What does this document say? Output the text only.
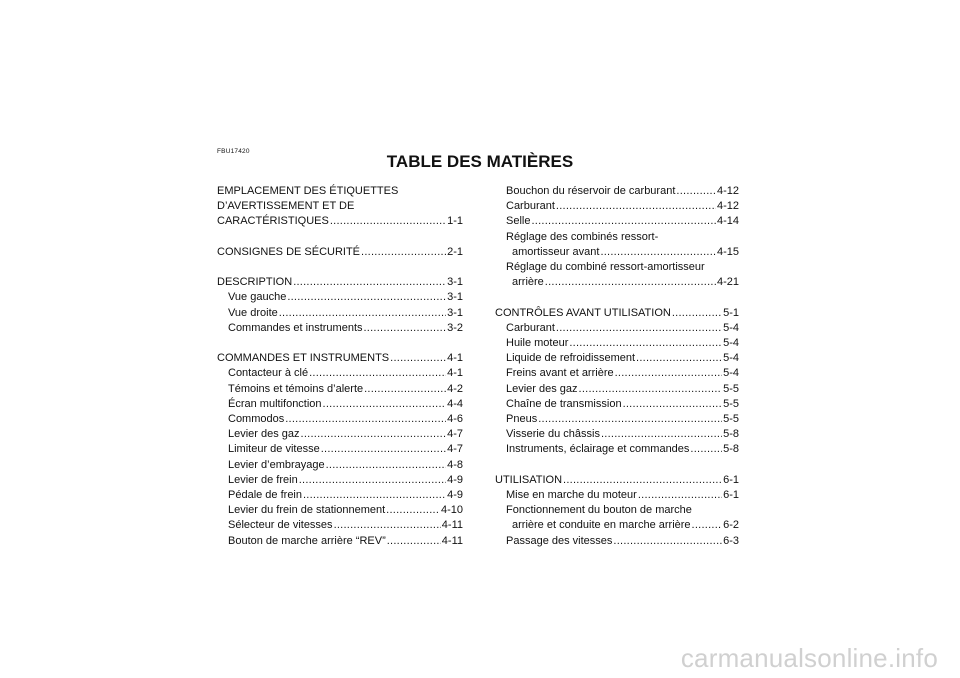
FBU17420
TABLE DES MATIÈRES
EMPLACEMENT DES ÉTIQUETTES
D’AVERTISSEMENT ET DE
CARACTÉRISTIQUES . . .	1-1
CONSIGNES DE SÉCURITÉ . . .	2-1
DESCRIPTION . . .	3-1
Vue gauche . . .	3-1
Vue droite . . .	3-1
Commandes et instruments . . .	3-2
COMMANDES ET INSTRUMENTS . . .	4-1
Contacteur à clé . . .	4-1
Témoins et témoins d’alerte . . .	4-2
Écran multifonction . . .	4-4
Commodos . . .	4-6
Levier des gaz . . .	4-7
Limiteur de vitesse . . .	4-7
Levier d’embrayage . . .	4-8
Levier de frein . . .	4-9
Pédale de frein . . .	4-9
Levier du frein de stationnement . . .	4-10
Sélecteur de vitesses . . .	4-11
Bouton de marche arrière “REV” . . .	4-11
Bouchon du réservoir de carburant . . .	4-12
Carburant . . .	4-12
Selle . . .	4-14
Réglage des combinés ressort-
amortisseur avant . . .	4-15
Réglage du combiné ressort-amortisseur
arrière . . .	4-21
CONTRÔLES AVANT UTILISATION . . .	5-1
Carburant . . .	5-4
Huile moteur . . .	5-4
Liquide de refroidissement . . .	5-4
Freins avant et arrière . . .	5-4
Levier des gaz . . .	5-5
Chaîne de transmission . . .	5-5
Pneus . . .	5-5
Visserie du châssis . . .	5-8
Instruments, éclairage et commandes . . .	5-8
UTILISATION . . .	6-1
Mise en marche du moteur . . .	6-1
Fonctionnement du bouton de marche
arrière et conduite en marche arrière . . .	6-2
Passage des vitesses . . .	6-3
carmanualsonline.info
